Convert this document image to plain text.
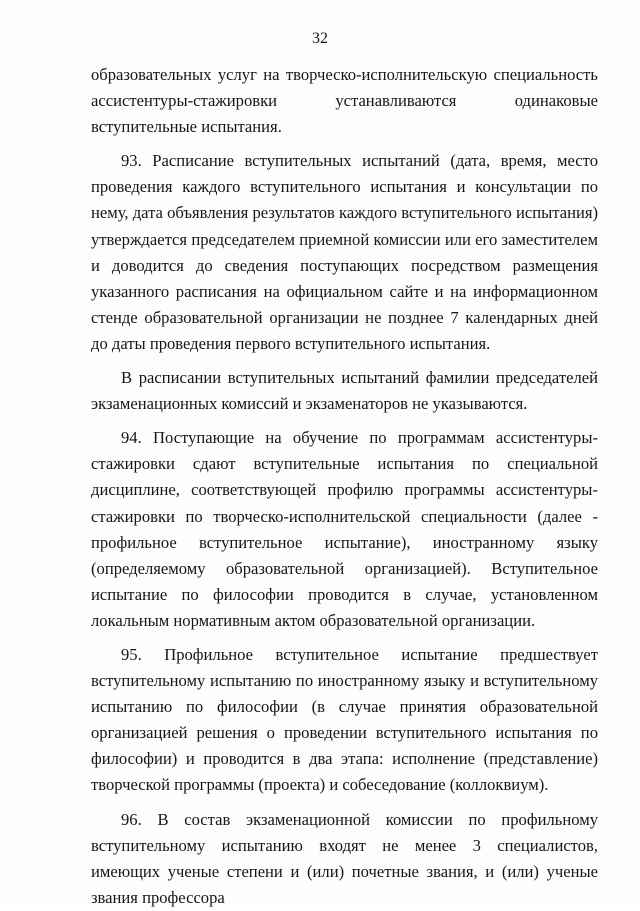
32

образовательных услуг на творческо-исполнительскую специальность ассистентуры-стажировки устанавливаются одинаковые вступительные испытания.

93. Расписание вступительных испытаний (дата, время, место проведения каждого вступительного испытания и консультации по нему, дата объявления результатов каждого вступительного испытания) утверждается председателем приемной комиссии или его заместителем и доводится до сведения поступающих посредством размещения указанного расписания на официальном сайте и на информационном стенде образовательной организации не позднее 7 календарных дней до даты проведения первого вступительного испытания.

В расписании вступительных испытаний фамилии председателей экзаменационных комиссий и экзаменаторов не указываются.

94. Поступающие на обучение по программам ассистентуры-стажировки сдают вступительные испытания по специальной дисциплине, соответствующей профилю программы ассистентуры-стажировки по творческо-исполнительской специальности (далее - профильное вступительное испытание), иностранному языку (определяемому образовательной организацией). Вступительное испытание по философии проводится в случае, установленном локальным нормативным актом образовательной организации.

95. Профильное вступительное испытание предшествует вступительному испытанию по иностранному языку и вступительному испытанию по философии (в случае принятия образовательной организацией решения о проведении вступительного испытания по философии) и проводится в два этапа: исполнение (представление) творческой программы (проекта) и собеседование (коллоквиум).

96. В состав экзаменационной комиссии по профильному вступительному испытанию входят не менее 3 специалистов, имеющих ученые степени и (или) почетные звания, и (или) ученые звания профессора
